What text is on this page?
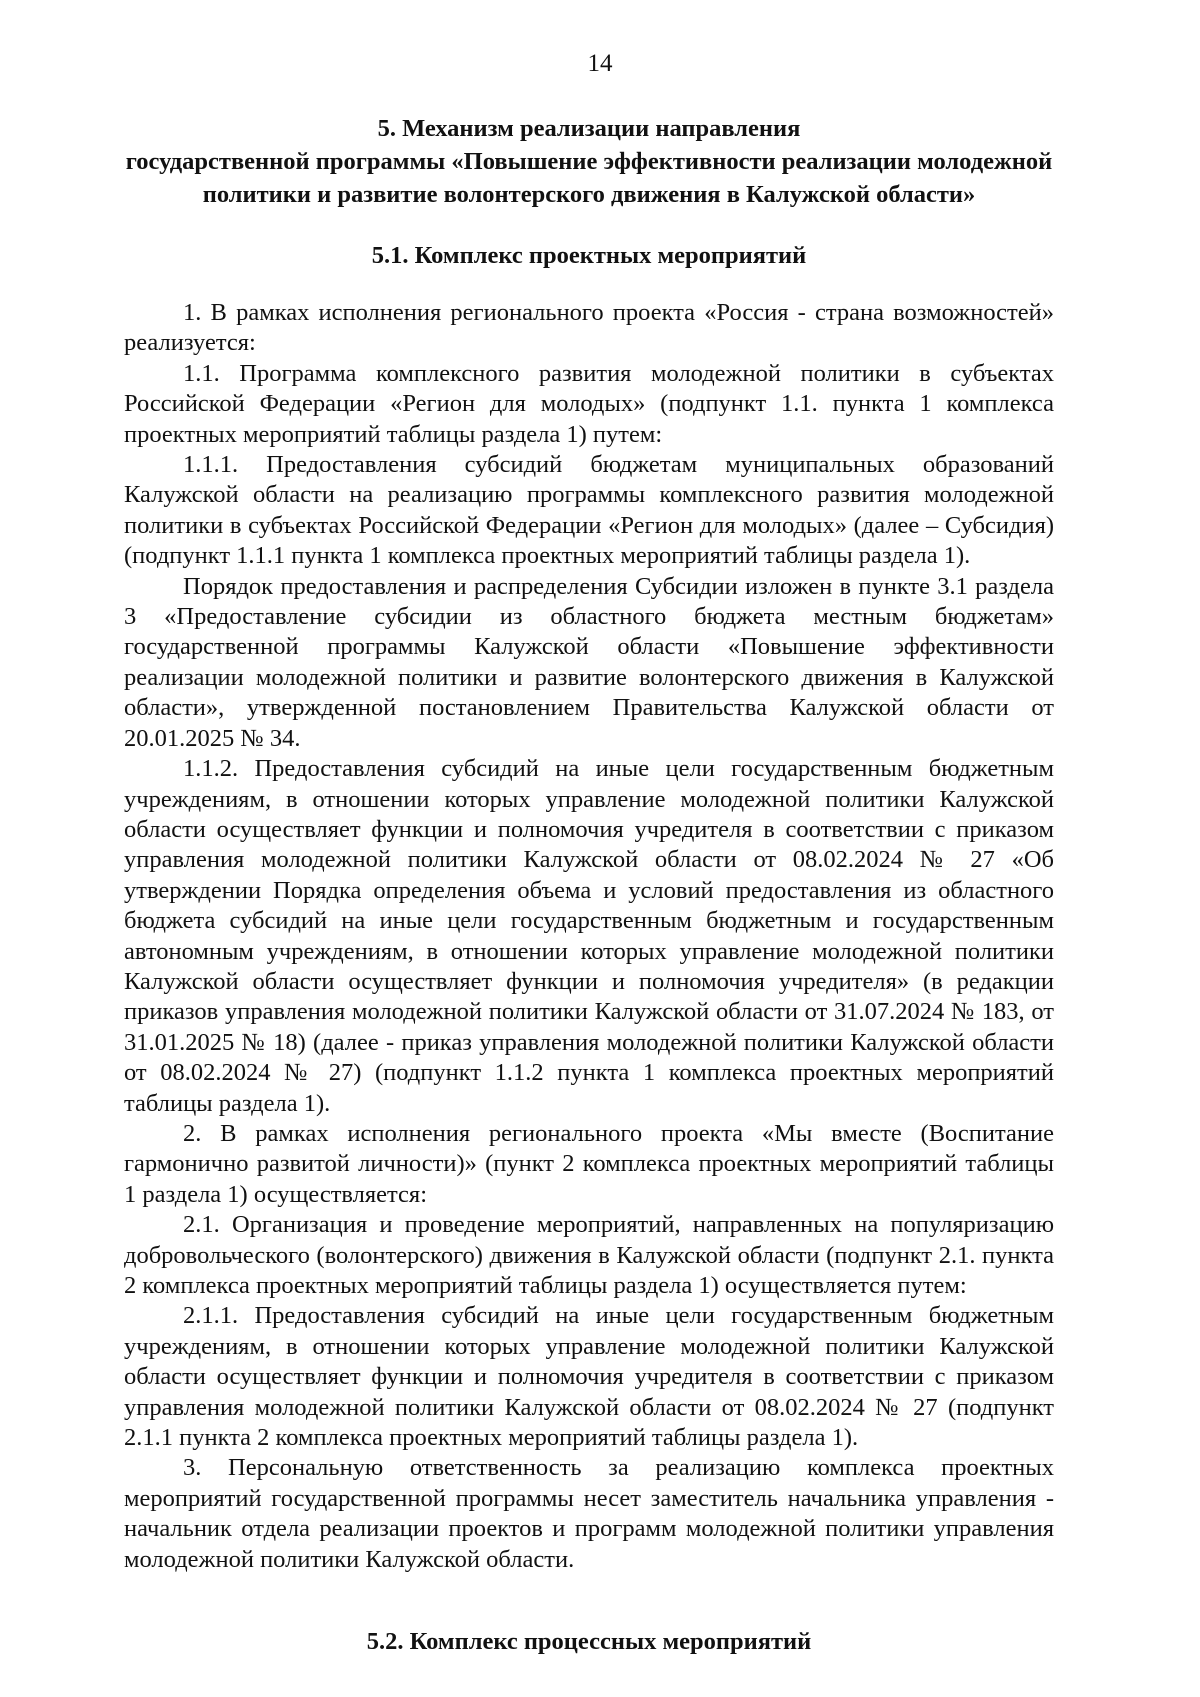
14
5. Механизм реализации направления
государственной программы «Повышение эффективности реализации молодежной
политики и развитие волонтерского движения в Калужской области»
5.1. Комплекс проектных мероприятий

1. В рамках исполнения регионального проекта «Россия - страна возможностей» реализуется:

1.1. Программа комплексного развития молодежной политики в субъектах Российской Федерации «Регион для молодых» (подпункт 1.1. пункта 1 комплекса проектных мероприятий таблицы раздела 1) путем:

1.1.1. Предоставления субсидий бюджетам муниципальных образований Калужской области на реализацию программы комплексного развития молодежной политики в субъектах Российской Федерации «Регион для молодых» (далее – Субсидия) (подпункт 1.1.1 пункта 1 комплекса проектных мероприятий таблицы раздела 1).

Порядок предоставления и распределения Субсидии изложен в пункте 3.1 раздела 3 «Предоставление субсидии из областного бюджета местным бюджетам» государственной программы Калужской области «Повышение эффективности реализации молодежной политики и развитие волонтерского движения в Калужской области», утвержденной постановлением Правительства Калужской области от 20.01.2025 № 34.

1.1.2. Предоставления субсидий на иные цели государственным бюджетным учреждениям, в отношении которых управление молодежной политики Калужской области осуществляет функции и полномочия учредителя в соответствии с приказом управления молодежной политики Калужской области от 08.02.2024 № 27 «Об утверждении Порядка определения объема и условий предоставления из областного бюджета субсидий на иные цели государственным бюджетным и государственным автономным учреждениям, в отношении которых управление молодежной политики Калужской области осуществляет функции и полномочия учредителя» (в редакции приказов управления молодежной политики Калужской области от 31.07.2024 № 183, от 31.01.2025 № 18) (далее - приказ управления молодежной политики Калужской области от 08.02.2024 № 27) (подпункт 1.1.2 пункта 1 комплекса проектных мероприятий таблицы раздела 1).

2. В рамках исполнения регионального проекта «Мы вместе (Воспитание гармонично развитой личности)» (пункт 2 комплекса проектных мероприятий таблицы 1 раздела 1) осуществляется:

2.1. Организация и проведение мероприятий, направленных на популяризацию добровольческого (волонтерского) движения в Калужской области (подпункт 2.1. пункта 2 комплекса проектных мероприятий таблицы раздела 1) осуществляется путем:

2.1.1. Предоставления субсидий на иные цели государственным бюджетным учреждениям, в отношении которых управление молодежной политики Калужской области осуществляет функции и полномочия учредителя в соответствии с приказом управления молодежной политики Калужской области от 08.02.2024 № 27 (подпункт 2.1.1 пункта 2 комплекса проектных мероприятий таблицы раздела 1).

3. Персональную ответственность за реализацию комплекса проектных мероприятий государственной программы несет заместитель начальника управления - начальник отдела реализации проектов и программ молодежной политики управления молодежной политики Калужской области.

5.2. Комплекс процессных мероприятий
